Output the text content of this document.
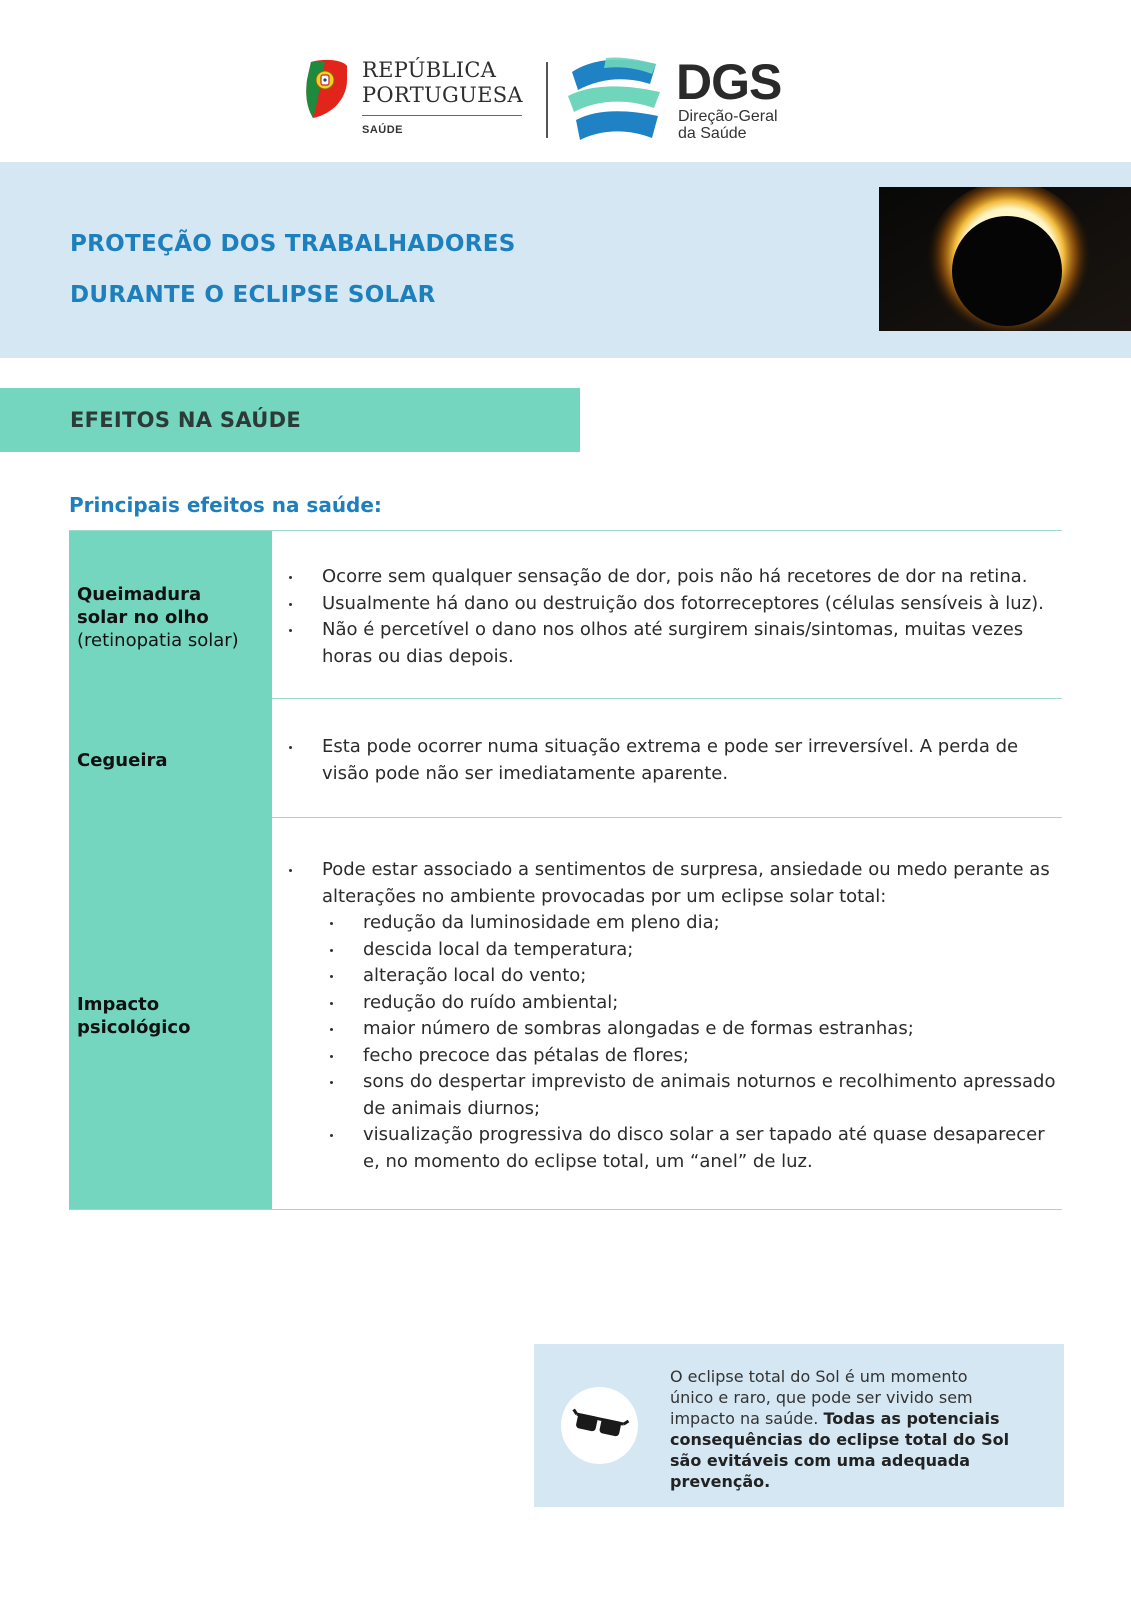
REPÚBLICA
PORTUGUESA
SAÚDE
DGS
Direção-Geral
da Saúde
PROTEÇÃO DOS TRABALHADORES
DURANTE O ECLIPSE SOLAR
EFEITOS NA SAÚDE
Principais efeitos na saúde:
Queimadura
solar no olho
(retinopatia solar)
Ocorre sem qualquer sensação de dor, pois não há recetores de dor na retina.
Usualmente há dano ou destruição dos fotorreceptores (células sensíveis à luz).
Não é percetível o dano nos olhos até surgirem sinais/sintomas, muitas vezes horas ou dias depois.
Cegueira
Esta pode ocorrer numa situação extrema e pode ser irreversível. A perda de visão pode não ser imediatamente aparente.
Impacto
psicológico
Pode estar associado a sentimentos de surpresa, ansiedade ou medo perante as alterações no ambiente provocadas por um eclipse solar total:
redução da luminosidade em pleno dia;
descida local da temperatura;
alteração local do vento;
redução do ruído ambiental;
maior número de sombras alongadas e de formas estranhas;
fecho precoce das pétalas de flores;
sons do despertar imprevisto de animais noturnos e recolhimento apressado de animais diurnos;
visualização progressiva do disco solar a ser tapado até quase desaparecer e, no momento do eclipse total, um “anel” de luz.
O eclipse total do Sol é um momento único e raro, que pode ser vivido sem impacto na saúde. Todas as potenciais consequências do eclipse total do Sol são evitáveis com uma adequada prevenção.
